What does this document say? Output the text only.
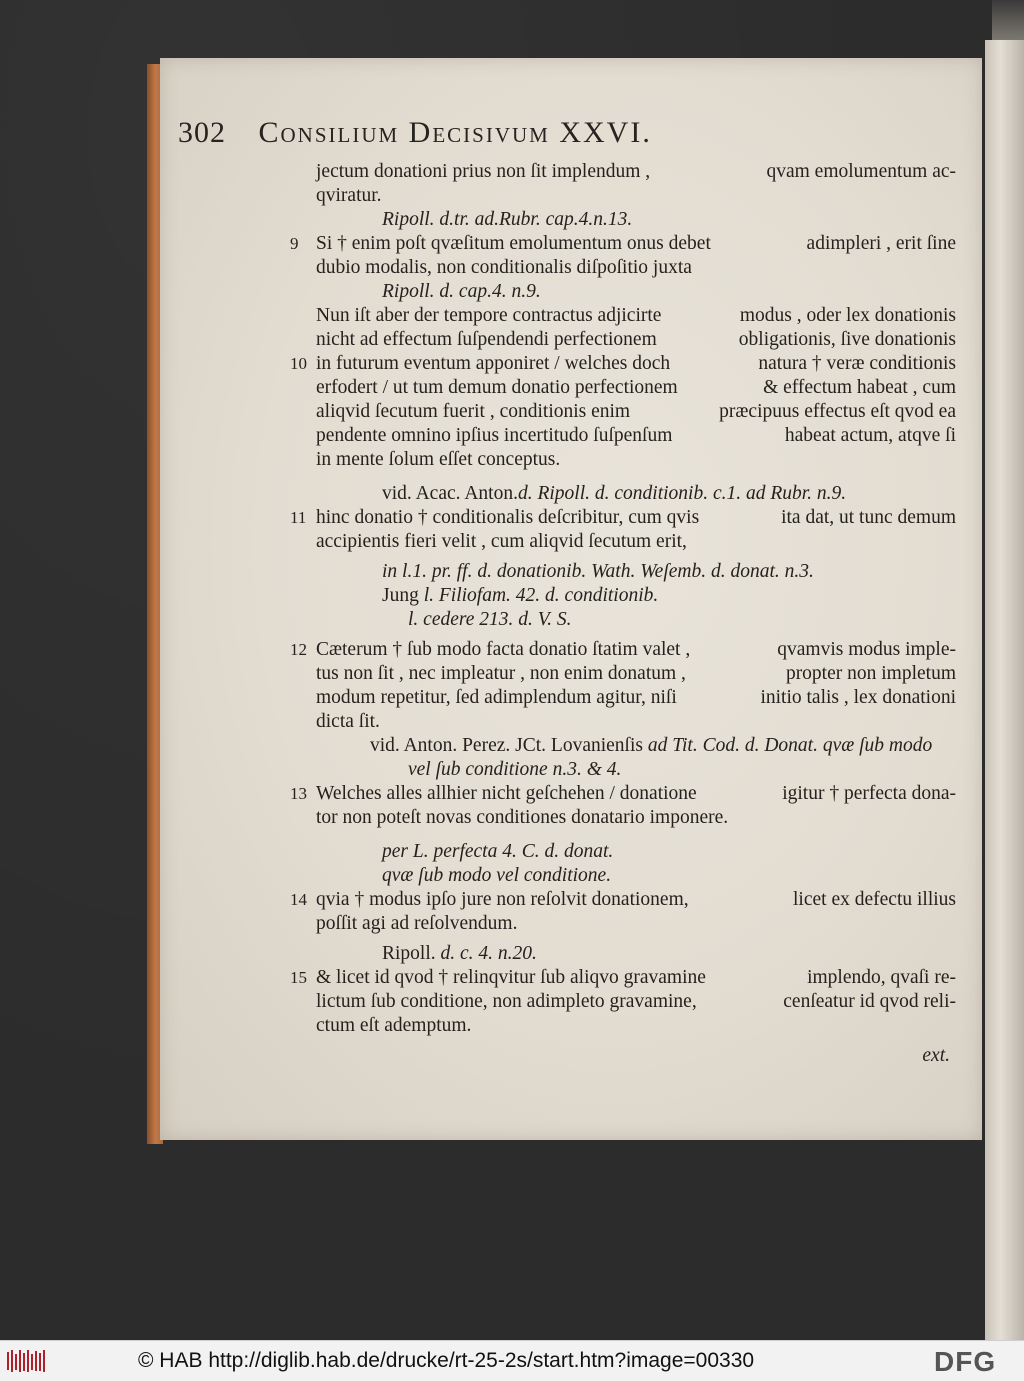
302 Consilium Decisivum XXVI.
jectum donationi prius non ſit implendum ,	qvam emolumentum ac-
qviratur.
Ripoll. d.tr. ad.Rubr. cap.4.n.13.
9 Si † enim poſt qvæſitum emolumentum onus debet	adimpleri , erit ſine
dubio modalis, non conditionalis diſpoſitio juxta
Ripoll. d. cap.4. n.9.
Nun iſt aber der tempore contractus adjicirte	modus , oder lex donationis
nicht ad effectum ſuſpendendi perfectionem	obligationis, ſive donationis
10 in futurum eventum apponiret / welches doch	natura † veræ conditionis
erfodert / ut tum demum donatio perfectionem	& effectum habeat , cum
aliqvid ſecutum fuerit , conditionis enim	præcipuus effectus eſt qvod ea
pendente omnino ipſius incertitudo ſuſpenſum	habeat actum, atqve ſi
in mente ſolum eſſet conceptus.
vid. Acac. Anton.d. Ripoll. d. conditionib. c.1. ad Rubr. n.9.
11 hinc donatio † conditionalis deſcribitur, cum qvis	ita dat, ut tunc demum
accipientis fieri velit , cum aliqvid ſecutum erit,
in l.1. pr. ff. d. donationib. Wath. Weſemb. d. donat. n.3.
Jung l. Filiofam. 42. d. conditionib.
l. cedere 213. d. V. S.
12 Cæterum † ſub modo facta donatio ſtatim valet ,	qvamvis modus imple-
tus non ſit , nec impleatur , non enim donatum ,	propter non impletum
modum repetitur, ſed adimplendum agitur, niſi	initio talis , lex donationi
dicta ſit.
vid. Anton. Perez. JCt. Lovanienſis ad Tit. Cod. d. Donat. qvæ ſub modo
vel ſub conditione n.3. & 4.
13 Welches alles allhier nicht geſchehen / donatione	igitur † perfecta dona-
tor non poteſt novas conditiones donatario imponere.
per L. perfecta 4. C. d. donat.
qvæ ſub modo vel conditione.
14 qvia † modus ipſo jure non reſolvit donationem,	licet ex defectu illius
poſſit agi ad reſolvendum.
Ripoll. d. c. 4. n.20.
15 & licet id qvod † relinqvitur ſub aliqvo gravamine	implendo, qvaſi re-
lictum ſub conditione, non adimpleto gravamine,	cenſeatur id qvod reli-
ctum eſt ademptum.
ext.
© HAB http://diglib.hab.de/drucke/rt-25-2s/start.htm?image=00330	DFG
